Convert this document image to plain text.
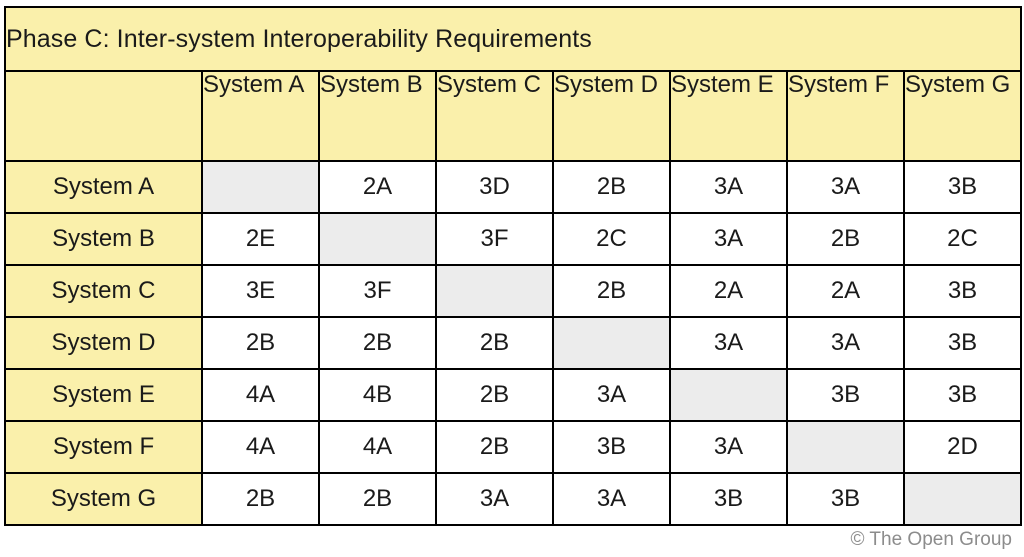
Phase C: Inter-system Interoperability Requirements							
	System A	System B	System C	System D	System E	System F	System G
System A		2A	3D	2B	3A	3A	3B
System B	2E		3F	2C	3A	2B	2C
System C	3E	3F		2B	2A	2A	3B
System D	2B	2B	2B		3A	3A	3B
System E	4A	4B	2B	3A		3B	3B
System F	4A	4A	2B	3B	3A		2D
System G	2B	2B	3A	3A	3B	3B	
© The Open Group
